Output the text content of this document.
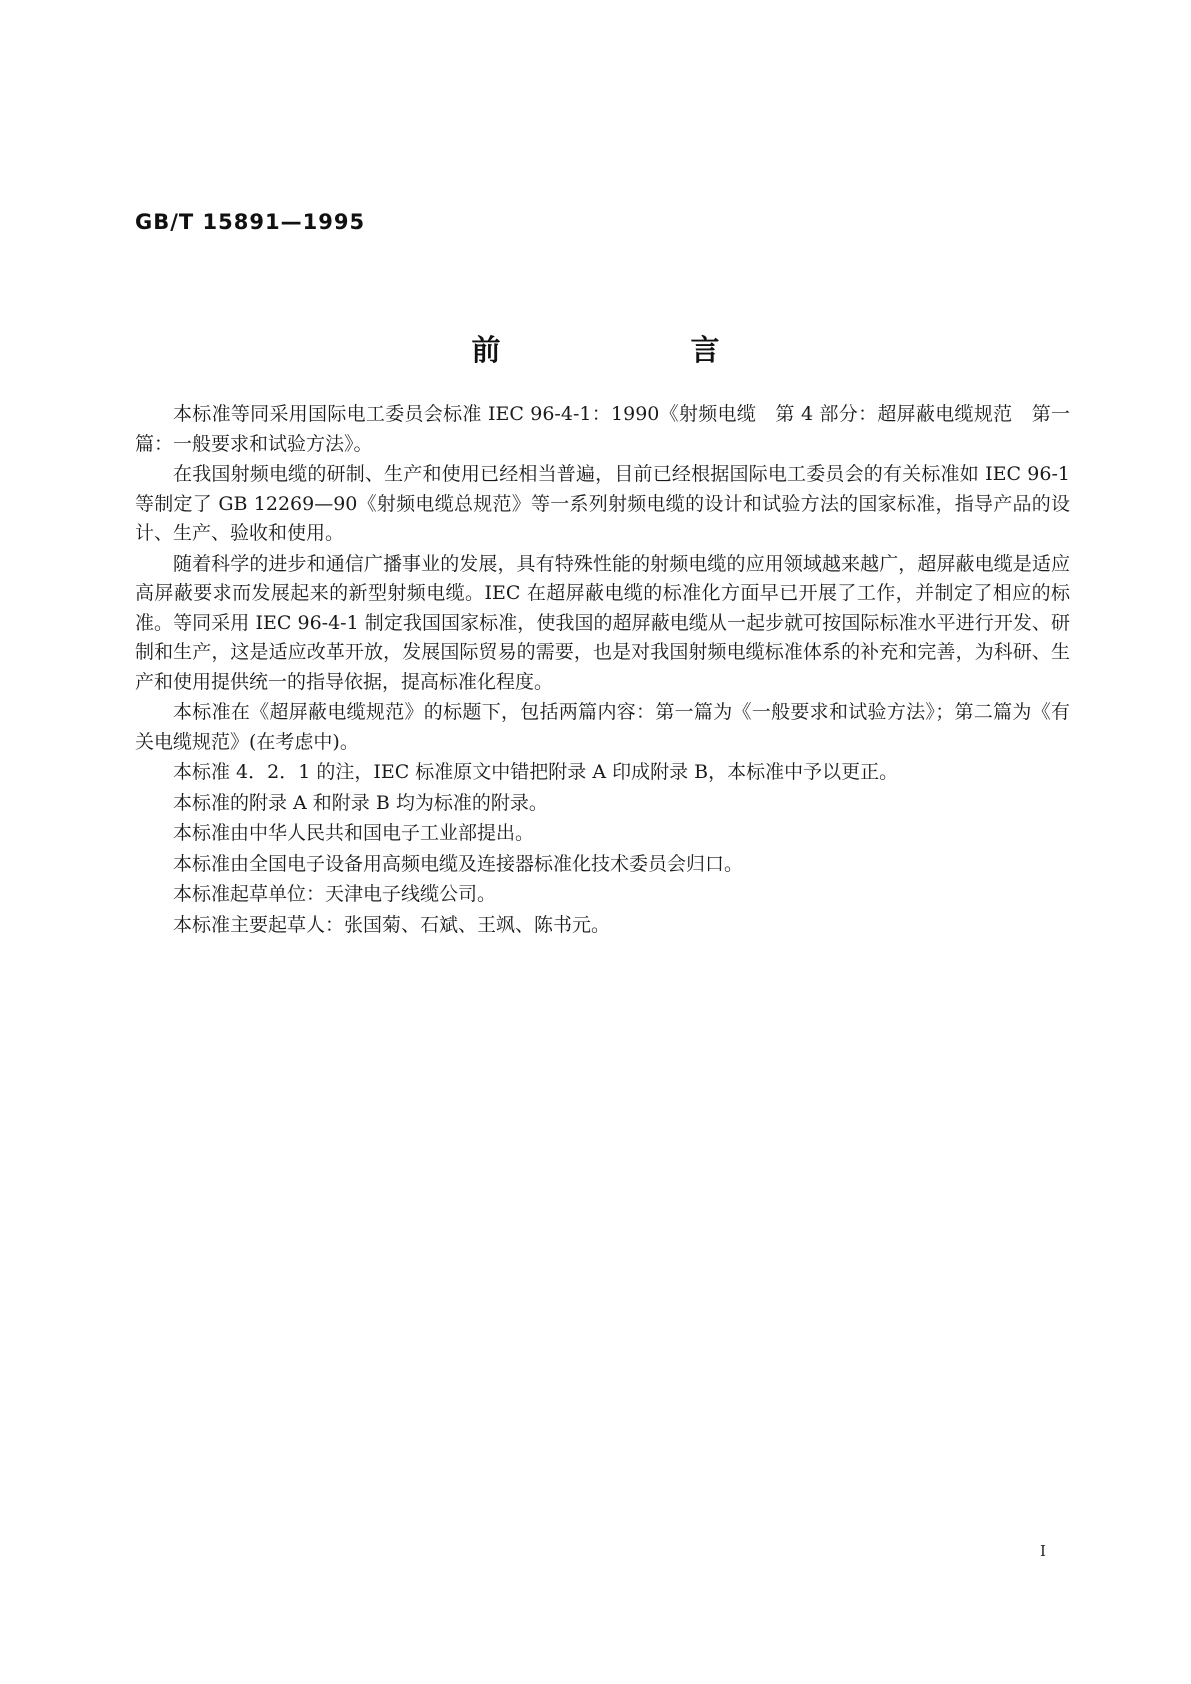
GB/T 15891—1995
前 言

本标准等同采用国际电工委员会标准 IEC 96-4-1：1990《射频电缆　第 4 部分：超屏蔽电缆规范　第一篇：一般要求和试验方法》。

在我国射频电缆的研制、生产和使用已经相当普遍，目前已经根据国际电工委员会的有关标准如 IEC 96-1 等制定了 GB 12269—90《射频电缆总规范》等一系列射频电缆的设计和试验方法的国家标准，指导产品的设计、生产、验收和使用。

随着科学的进步和通信广播事业的发展，具有特殊性能的射频电缆的应用领域越来越广，超屏蔽电缆是适应高屏蔽要求而发展起来的新型射频电缆。IEC 在超屏蔽电缆的标准化方面早已开展了工作，并制定了相应的标准。等同采用 IEC 96-4-1 制定我国国家标准，使我国的超屏蔽电缆从一起步就可按国际标准水平进行开发、研制和生产，这是适应改革开放，发展国际贸易的需要，也是对我国射频电缆标准体系的补充和完善，为科研、生产和使用提供统一的指导依据，提高标准化程度。

本标准在《超屏蔽电缆规范》的标题下，包括两篇内容：第一篇为《一般要求和试验方法》；第二篇为《有关电缆规范》(在考虑中)。

本标准 4．2．1 的注，IEC 标准原文中错把附录 A 印成附录 B，本标准中予以更正。

本标准的附录 A 和附录 B 均为标准的附录。

本标准由中华人民共和国电子工业部提出。

本标准由全国电子设备用高频电缆及连接器标准化技术委员会归口。

本标准起草单位：天津电子线缆公司。

本标准主要起草人：张国菊、石斌、王飒、陈书元。

I
